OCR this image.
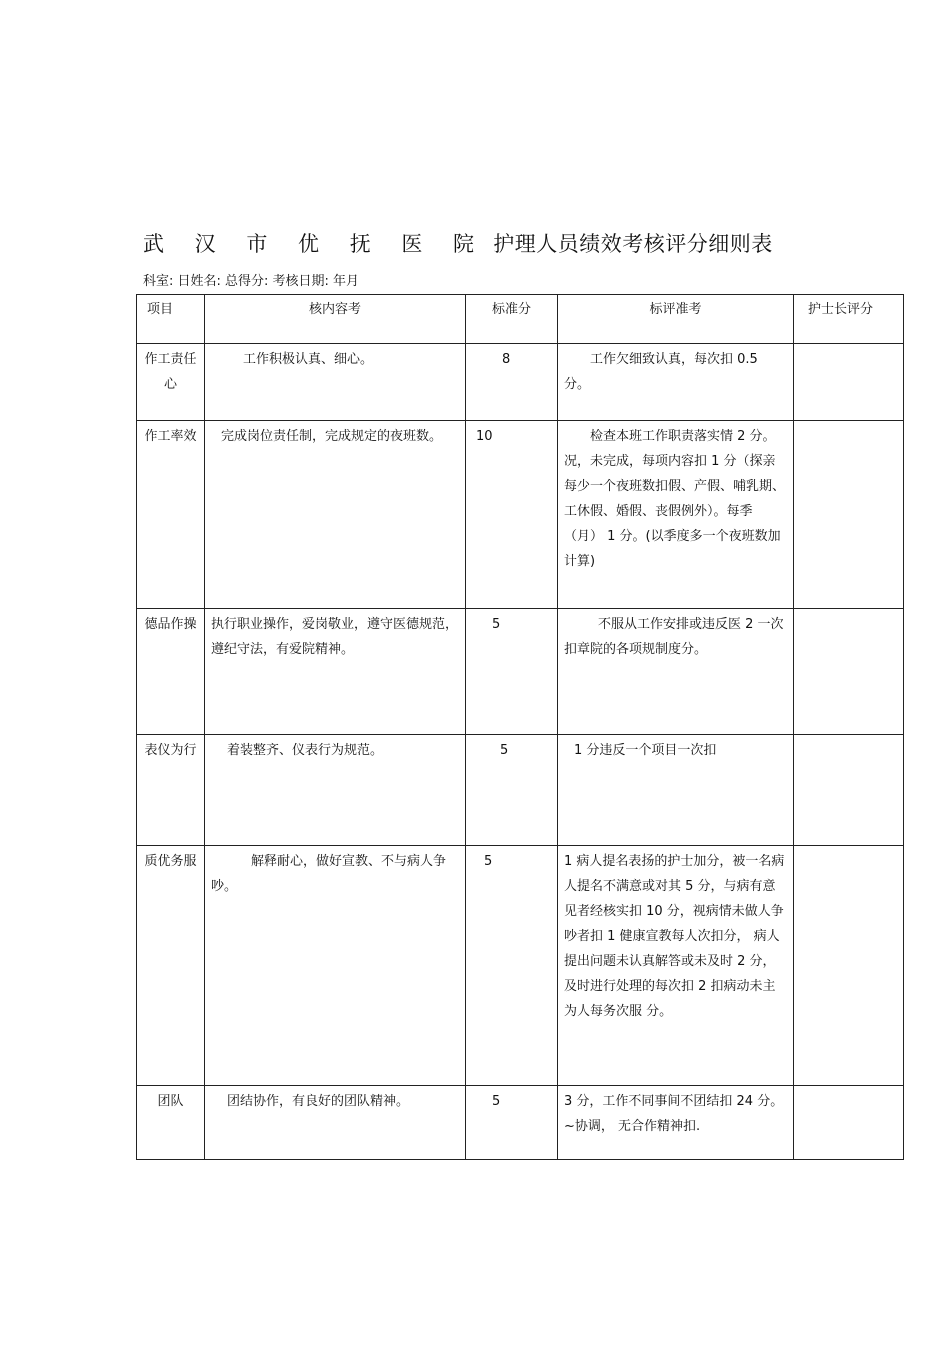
武 汉 市 优 抚 医 院 护理人员绩效考核评分细则表
科室: 日姓名: 总得分: 考核日期: 年月
项目	核内容考	标准分	标评准考	护士长评分

作工责任心	工作积极认真、细心。	8	工作欠细致认真，每次扣 0.5 分。	

作工率效	完成岗位责任制，完成规定的夜班数。	10	检查本班工作职责落实情 2 分。况，未完成，每项内容扣 1 分（探亲每少一个夜班数扣假、产假、哺乳期、工休假、婚假、丧假例外）。每季（月） 1 分。(以季度多一个夜班数加计算)	

德品作操	执行职业操作，爱岗敬业，遵守医德规范，遵纪守法，有爱院精神。	5	不服从工作安排或违反医 2 一次扣章院的各项规制度分。	

表仪为行	着装整齐、仪表行为规范。	5	1 分违反一个项目一次扣	

质优务服	解释耐心，做好宣教、不与病人争吵。	5	1 病人提名表扬的护士加分，被一名病人提名不满意或对其 5 分，与病有意见者经核实扣 10 分，视病情未做人争吵者扣 1 健康宣教每人次扣分， 病人提出问题未认真解答或未及时 2 分，及时进行处理的每次扣 2 扣病动未主为人每务次服 分。	

团队	团结协作，有良好的团队精神。	5	3 分，工作不同事间不团结扣 24 分。~协调， 无合作精神扣.	
